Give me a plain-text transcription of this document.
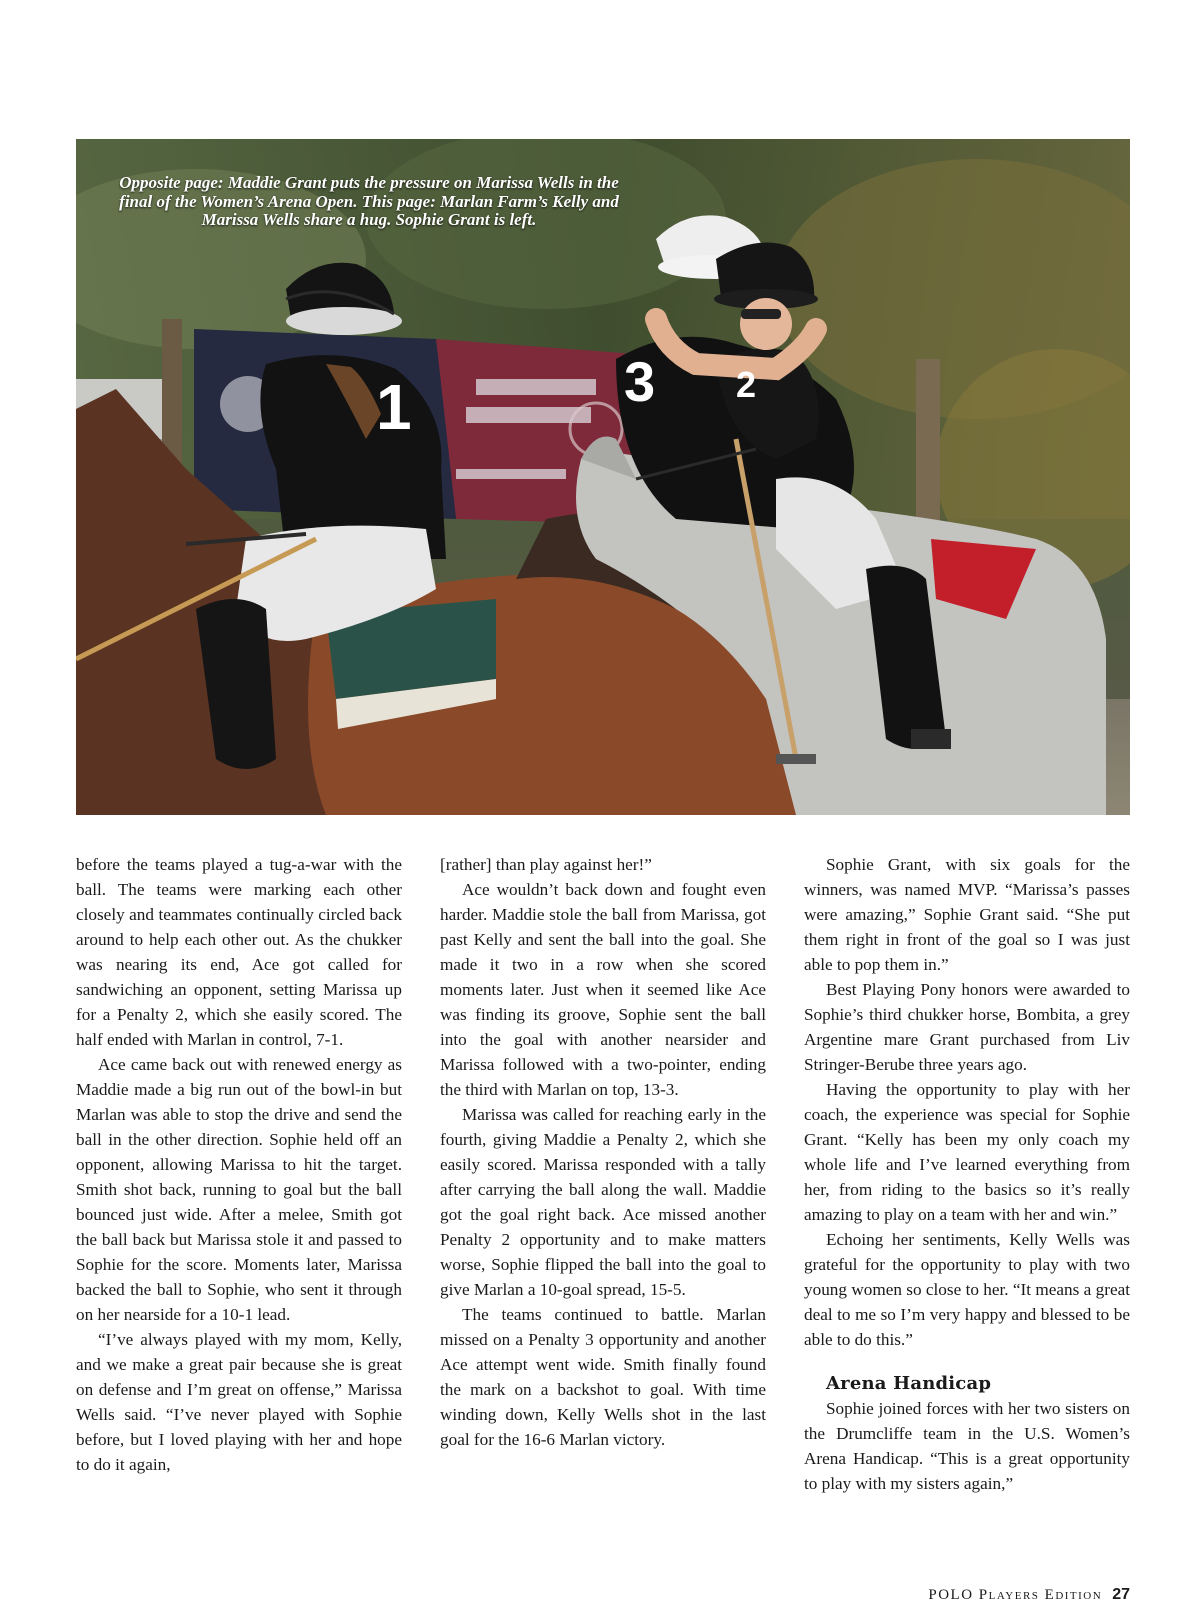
1	3 2
Opposite page: Maddie Grant puts the pressure on Marissa Wells in the final of the Women’s Arena Open. This page: Marlan Farm’s Kelly and Marissa Wells share a hug. Sophie Grant is left.

before the teams played a tug-a-war with the ball. The teams were marking each other closely and teammates continually circled back around to help each other out. As the chukker was nearing its end, Ace got called for sandwiching an opponent, setting Marissa up for a Penalty 2, which she easily scored. The half ended with Marlan in control, 7-1.

Ace came back out with renewed energy as Maddie made a big run out of the bowl-in but Marlan was able to stop the drive and send the ball in the other direction. Sophie held off an opponent, allowing Marissa to hit the target. Smith shot back, running to goal but the ball bounced just wide. After a melee, Smith got the ball back but Marissa stole it and passed to Sophie for the score. Moments later, Marissa backed the ball to Sophie, who sent it through on her nearside for a 10-1 lead.

“I’ve always played with my mom, Kelly, and we make a great pair because she is great on defense and I’m great on offense,” Marissa Wells said. “I’ve never played with Sophie before, but I loved playing with her and hope to do it again,

[rather] than play against her!”

Ace wouldn’t back down and fought even harder. Maddie stole the ball from Marissa, got past Kelly and sent the ball into the goal. She made it two in a row when she scored moments later. Just when it seemed like Ace was finding its groove, Sophie sent the ball into the goal with another nearsider and Marissa followed with a two-pointer, ending the third with Marlan on top, 13-3.

Marissa was called for reaching early in the fourth, giving Maddie a Penalty 2, which she easily scored. Marissa responded with a tally after carrying the ball along the wall. Maddie got the goal right back. Ace missed another Penalty 2 opportunity and to make matters worse, Sophie flipped the ball into the goal to give Marlan a 10-goal spread, 15-5.

The teams continued to battle. Marlan missed on a Penalty 3 opportunity and another Ace attempt went wide. Smith finally found the mark on a backshot to goal. With time winding down, Kelly Wells shot in the last goal for the 16-6 Marlan victory.

Sophie Grant, with six goals for the winners, was named MVP. “Marissa’s passes were amazing,” Sophie Grant said. “She put them right in front of the goal so I was just able to pop them in.”

Best Playing Pony honors were awarded to Sophie’s third chukker horse, Bombita, a grey Argentine mare Grant purchased from Liv Stringer-Berube three years ago.

Having the opportunity to play with her coach, the experience was special for Sophie Grant. “Kelly has been my only coach my whole life and I’ve learned everything from her, from riding to the basics so it’s really amazing to play on a team with her and win.”

Echoing her sentiments, Kelly Wells was grateful for the opportunity to play with two young women so close to her. “It means a great deal to me so I’m very happy and blessed to be able to do this.”

Arena Handicap

Sophie joined forces with her two sisters on the Drumcliffe team in the U.S. Women’s Arena Handicap. “This is a great opportunity to play with my sisters again,”

POLO Players Edition 27
